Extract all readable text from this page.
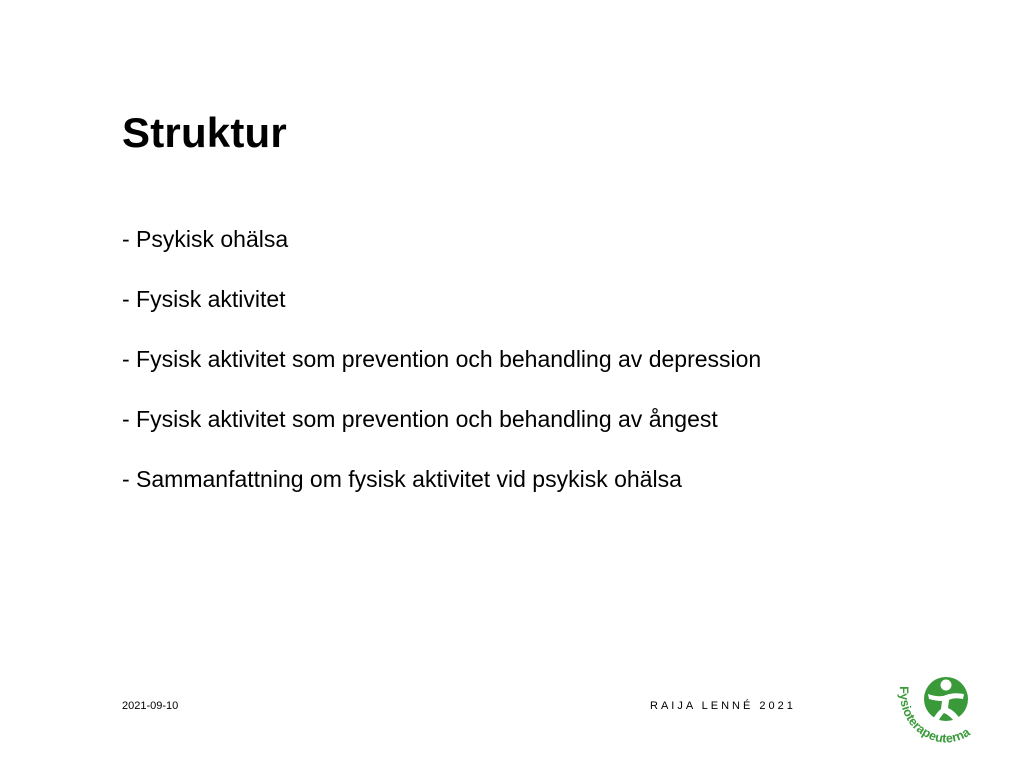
Struktur
- Psykisk ohälsa
- Fysisk aktivitet
- Fysisk aktivitet som prevention och behandling av depression
- Fysisk aktivitet som prevention och behandling av ångest
- Sammanfattning om fysisk aktivitet vid psykisk ohälsa
2021-09-10	RAIJA LENNÉ 2021
Fysioterapeuterna
